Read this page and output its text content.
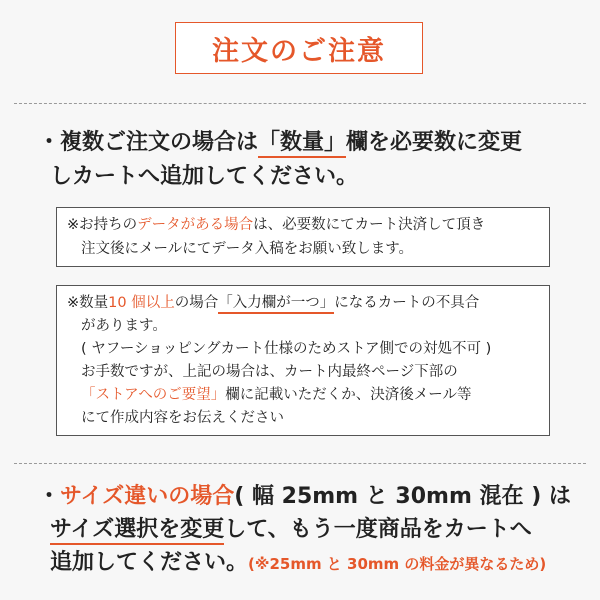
注文のご注意
・複数ご注文の場合は「数量」欄を必要数に変更
しカートへ追加してください。
※お持ちのデータがある場合は、必要数にてカート決済して頂き
注文後にメールにてデータ入稿をお願い致します。
※数量10 個以上の場合「入力欄が一つ」になるカートの不具合
があります。
( ヤフーショッピングカート仕様のためストア側での対処不可 )
お手数ですが、上記の場合は、カート内最終ページ下部の
「ストアへのご要望」欄に記載いただくか、決済後メール等
にて作成内容をお伝えください
・サイズ違いの場合( 幅 25mm と 30mm 混在 ) は
サイズ選択を変更して、もう一度商品をカートへ
追加してください。(※25mm と 30mm の料金が異なるため)
